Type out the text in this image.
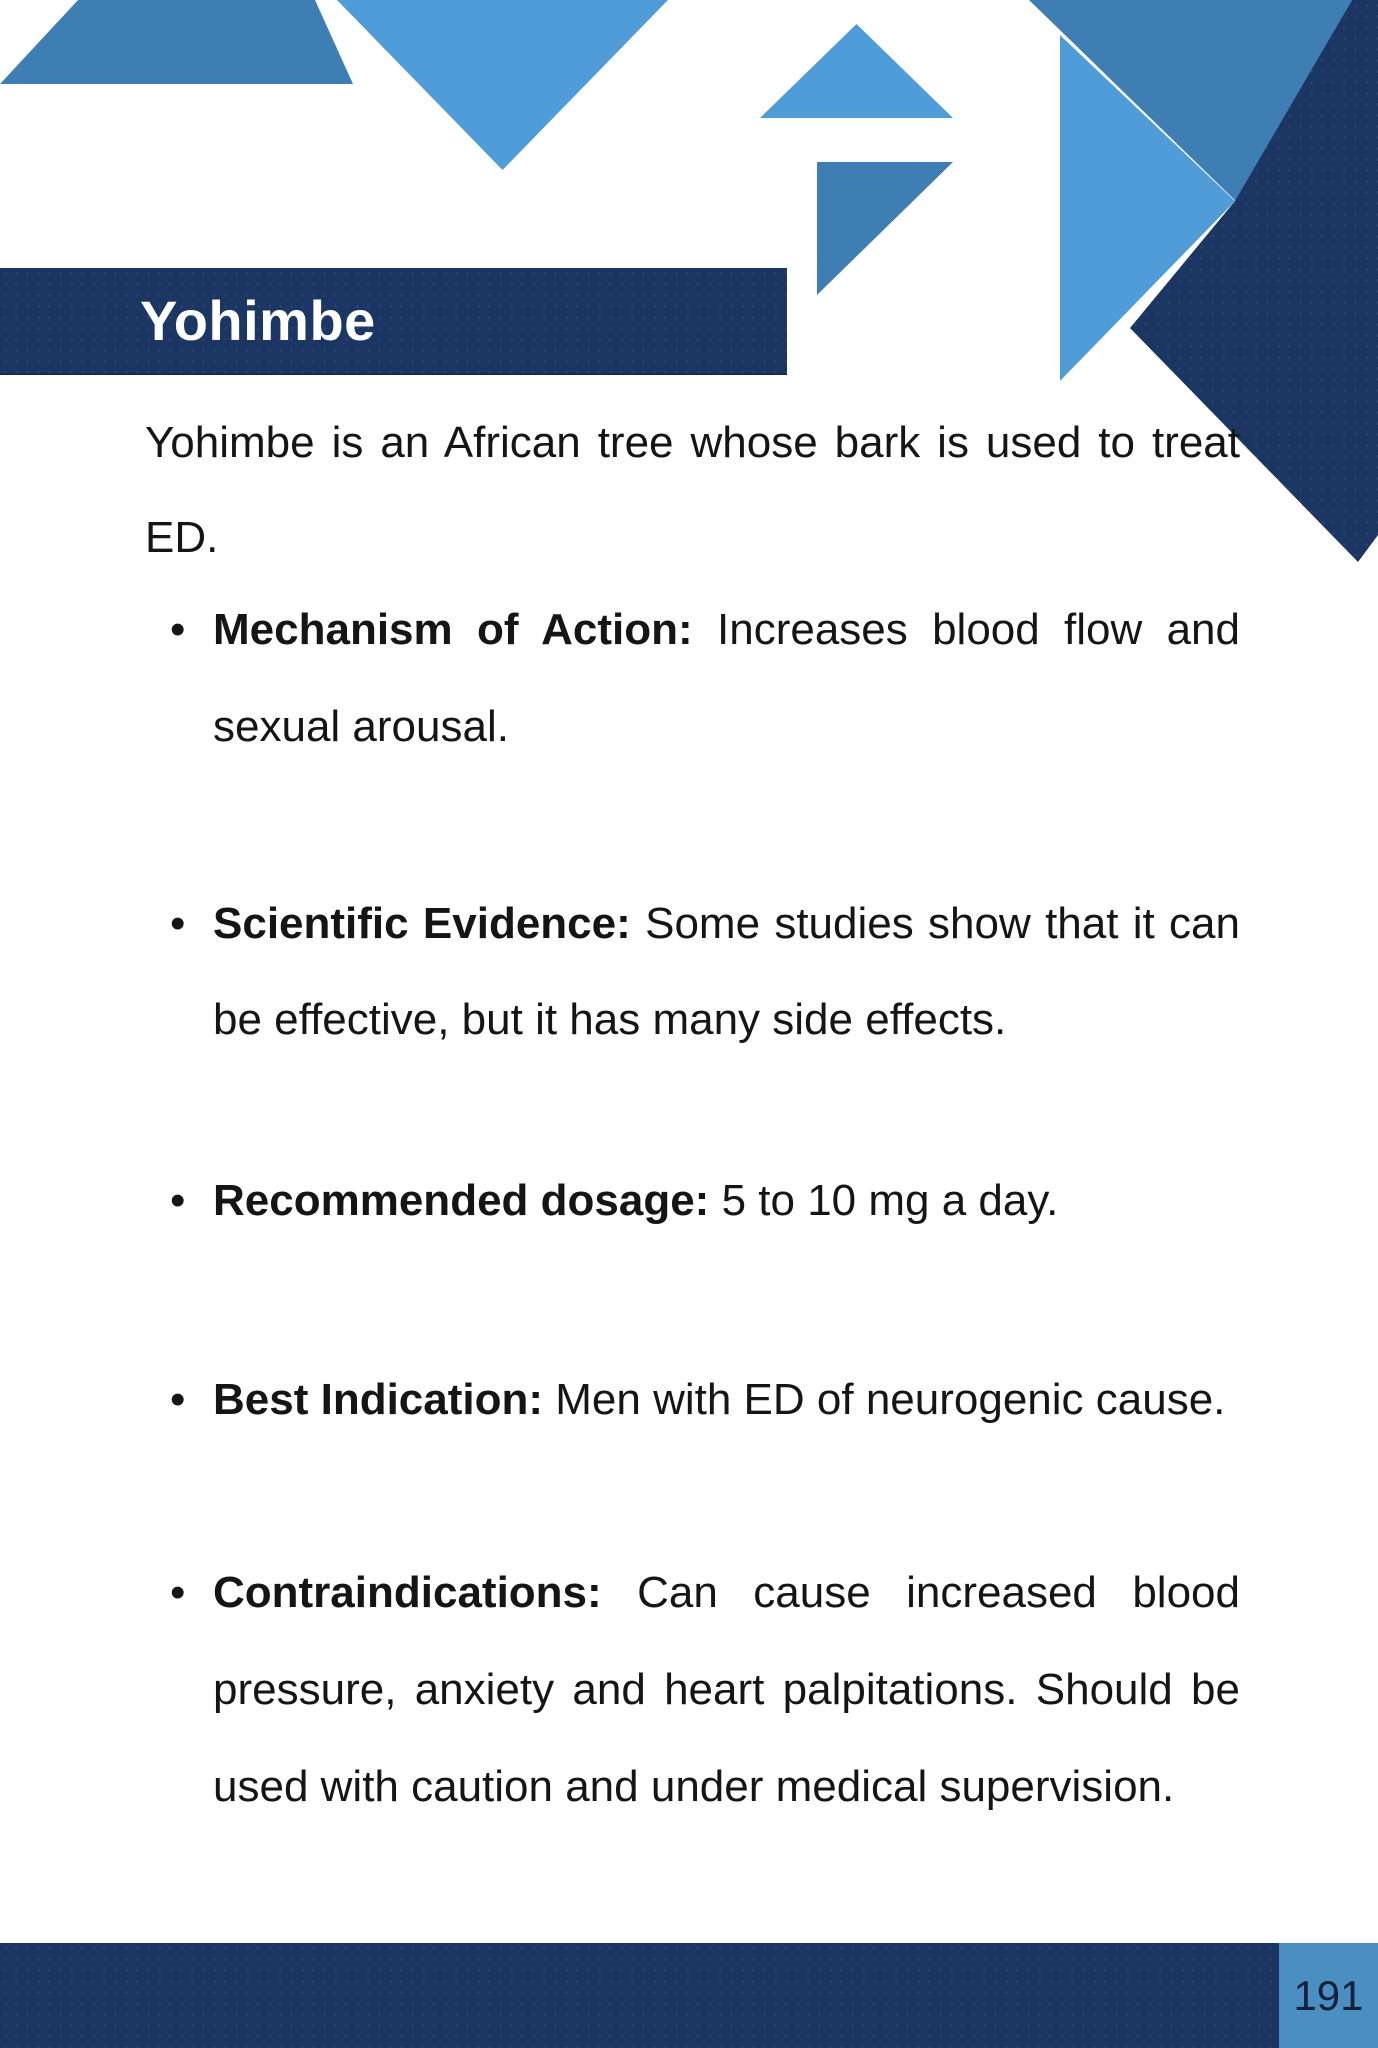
Yohimbe
Yohimbe is an African tree whose bark is used to treat
ED.
• Mechanism of Action: Increases blood flow and
sexual arousal.
• Scientific Evidence: Some studies show that it can
be effective, but it has many side effects.
• Recommended dosage: 5 to 10 mg a day.
• Best Indication: Men with ED of neurogenic cause.
• Contraindications: Can cause increased blood
pressure, anxiety and heart palpitations. Should be
used with caution and under medical supervision.
191
